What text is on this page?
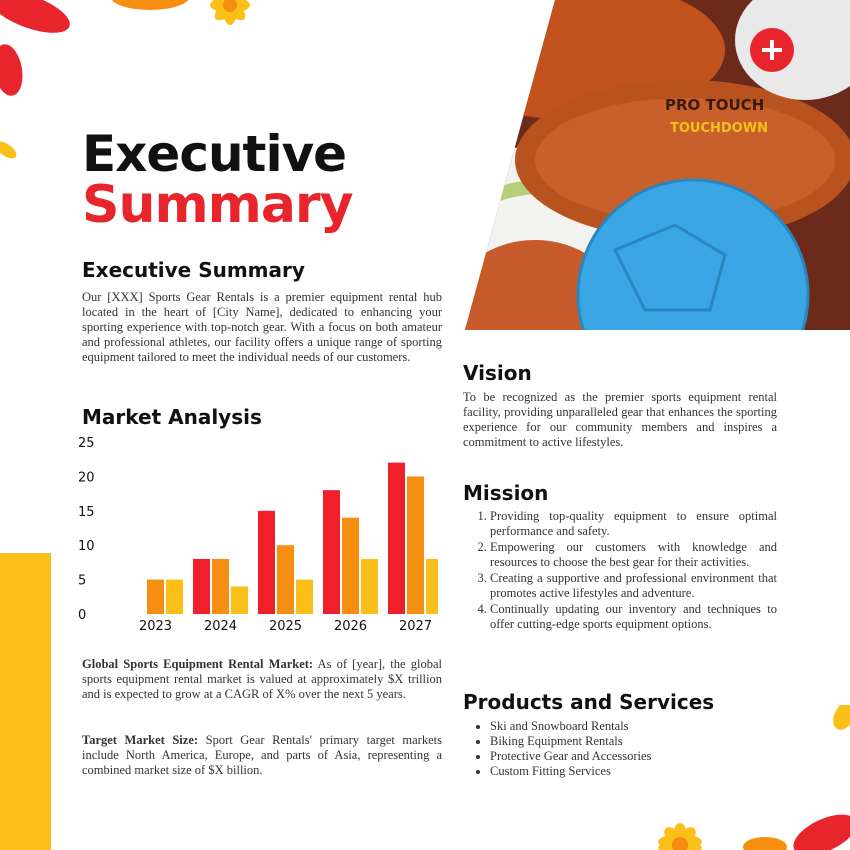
PRO TOUCH
TOUCHDOWN
Executive
Summary
Executive Summary
Our [XXX] Sports Gear Rentals is a premier equipment rental hub located in the heart of [City Name], dedicated to enhancing your sporting experience with top-notch gear. With a focus on both amateur and professional athletes, our facility offers a unique range of sporting equipment tailored to meet the individual needs of our customers.
Market Analysis
0
5
10
15
20
25
2023 2024 2025 2026 2027
Global Sports Equipment Rental Market: As of [year], the global sports equipment rental market is valued at approximately $X trillion and is expected to grow at a CAGR of X% over the next 5 years.
Target Market Size: Sport Gear Rentals' primary target markets include North America, Europe, and parts of Asia, representing a combined market size of $X billion.
Vision
To be recognized as the premier sports equipment rental facility, providing unparalleled gear that enhances the sporting experience for our community members and inspires a commitment to active lifestyles.
Mission
1. Providing top-quality equipment to ensure optimal performance and safety.
2. Empowering our customers with knowledge and resources to choose the best gear for their activities.
3. Creating a supportive and professional environment that promotes active lifestyles and adventure.
4. Continually updating our inventory and techniques to offer cutting-edge sports equipment options.
Products and Services
• Ski and Snowboard Rentals
• Biking Equipment Rentals
• Protective Gear and Accessories
• Custom Fitting Services
